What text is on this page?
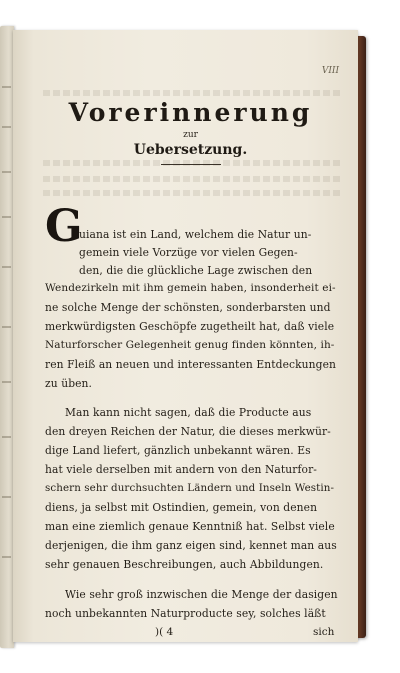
VIII

Vorerinnerung

zur

Uebersetzung.

G

uiana ist ein Land, welchem die Natur un-

gemein viele Vorzüge vor vielen Gegen-

den, die die glückliche Lage zwischen den

Wendezirkeln mit ihm gemein haben, insonderheit ei-

ne solche Menge der schönsten, sonderbarsten und

merkwürdigsten Geschöpfe zugetheilt hat, daß viele

Naturforscher Gelegenheit genug finden könnten, ih-

ren Fleiß an neuen und interessanten Entdeckungen

zu üben.

Man kann nicht sagen, daß die Producte aus

den dreyen Reichen der Natur, die dieses merkwür-

dige Land liefert, gänzlich unbekannt wären. Es

hat viele derselben mit andern von den Naturfor-

schern sehr durchsuchten Ländern und Inseln Westin-

diens, ja selbst mit Ostindien, gemein, von denen

man eine ziemlich genaue Kenntniß hat. Selbst viele

derjenigen, die ihm ganz eigen sind, kennet man aus

sehr genauen Beschreibungen, auch Abbildungen.

Wie sehr groß inzwischen die Menge der dasigen

noch unbekannten Naturproducte sey, solches läßt

)( 4	sich
